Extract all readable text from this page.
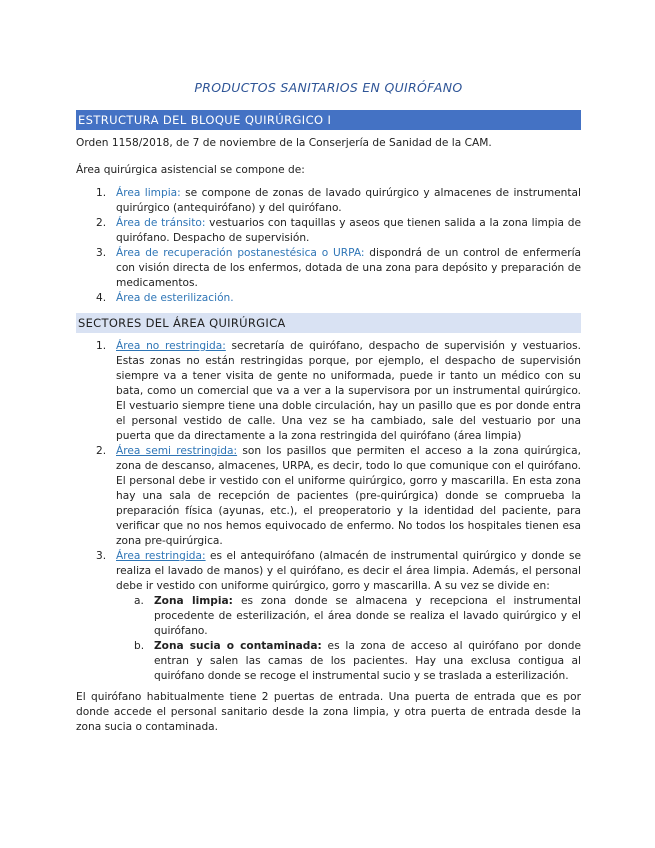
PRODUCTOS SANITARIOS EN QUIRÓFANO
ESTRUCTURA DEL BLOQUE QUIRÚRGICO I
Orden 1158/2018, de 7 de noviembre de la Conserjería de Sanidad de la CAM.
Área quirúrgica asistencial se compone de:
1. Área limpia: se compone de zonas de lavado quirúrgico y almacenes de instrumental quirúrgico (antequirófano) y del quirófano.
2. Área de tránsito: vestuarios con taquillas y aseos que tienen salida a la zona limpia de quirófano. Despacho de supervisión.
3. Área de recuperación postanestésica o URPA: dispondrá de un control de enfermería con visión directa de los enfermos, dotada de una zona para depósito y preparación de medicamentos.
4. Área de esterilización.
SECTORES DEL ÁREA QUIRÚRGICA
1. Área no restringida: secretaría de quirófano, despacho de supervisión y vestuarios. Estas zonas no están restringidas porque, por ejemplo, el despacho de supervisión siempre va a tener visita de gente no uniformada, puede ir tanto un médico con su bata, como un comercial que va a ver a la supervisora por un instrumental quirúrgico. El vestuario siempre tiene una doble circulación, hay un pasillo que es por donde entra el personal vestido de calle. Una vez se ha cambiado, sale del vestuario por una puerta que da directamente a la zona restringida del quirófano (área limpia)
2. Área semi restringida: son los pasillos que permiten el acceso a la zona quirúrgica, zona de descanso, almacenes, URPA, es decir, todo lo que comunique con el quirófano. El personal debe ir vestido con el uniforme quirúrgico, gorro y mascarilla. En esta zona hay una sala de recepción de pacientes (pre-quirúrgica) donde se comprueba la preparación física (ayunas, etc.), el preoperatorio y la identidad del paciente, para verificar que no nos hemos equivocado de enfermo. No todos los hospitales tienen esa zona pre-quirúrgica.
3. Área restringida: es el antequirófano (almacén de instrumental quirúrgico y donde se realiza el lavado de manos) y el quirófano, es decir el área limpia. Además, el personal debe ir vestido con uniforme quirúrgico, gorro y mascarilla. A su vez se divide en:
a. Zona limpia: es zona donde se almacena y recepciona el instrumental procedente de esterilización, el área donde se realiza el lavado quirúrgico y el quirófano.
b. Zona sucia o contaminada: es la zona de acceso al quirófano por donde entran y salen las camas de los pacientes. Hay una exclusa contigua al quirófano donde se recoge el instrumental sucio y se traslada a esterilización.
El quirófano habitualmente tiene 2 puertas de entrada. Una puerta de entrada que es por donde accede el personal sanitario desde la zona limpia, y otra puerta de entrada desde la zona sucia o contaminada.
